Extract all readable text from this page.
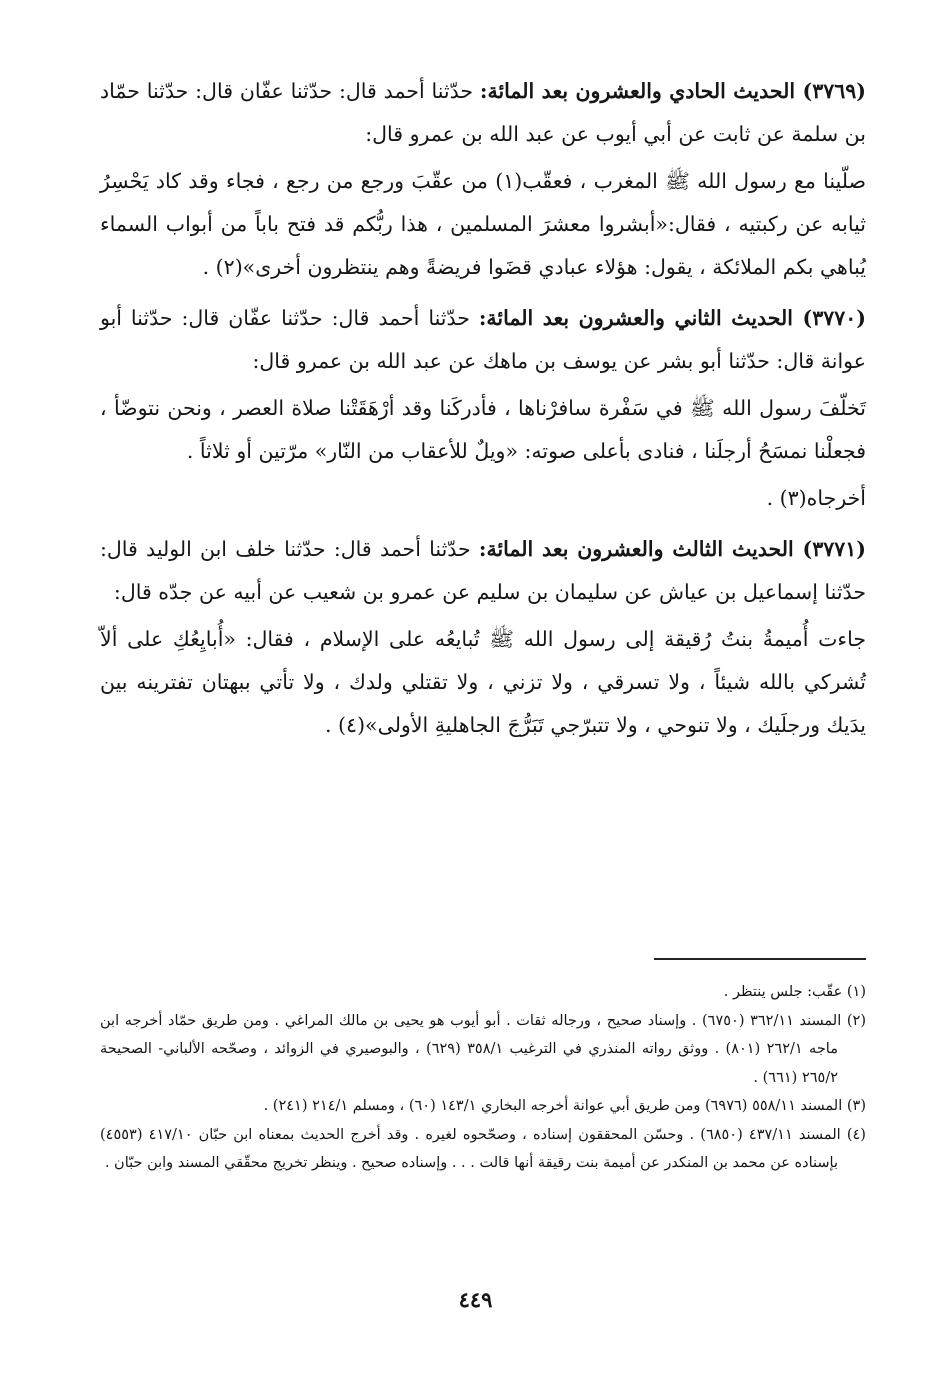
(٣٧٦٩) الحديث الحادي والعشرون بعد المائة: حدّثنا أحمد قال: حدّثنا عفّان قال: حدّثنا حمّاد بن سلمة عن ثابت عن أبي أيوب عن عبد الله بن عمرو قال:

صلّينا مع رسول الله ﷺ المغرب ، فعقّب(١) من عقّبَ ورجع من رجع ، فجاء وقد كاد يَحْسِرُ ثيابه عن ركبتيه ، فقال:«أبشروا معشرَ المسلمين ، هذا ربُّكم قد فتح باباً من أبواب السماء يُباهي بكم الملائكة ، يقول: هؤلاء عبادي قضَوا فريضةً وهم ينتظرون أخرى»(٢) .

(٣٧٧٠) الحديث الثاني والعشرون بعد المائة: حدّثنا أحمد قال: حدّثنا عفّان قال: حدّثنا أبو عوانة قال: حدّثنا أبو بشر عن يوسف بن ماهك عن عبد الله بن عمرو قال:

تَخلّفَ رسول الله ﷺ في سَفْرة سافرْناها ، فأدركَنا وقد أرْهَقَتْنا صلاة العصر ، ونحن نتوضّأ ، فجعلْنا نمسَحُ أرجلَنا ، فنادى بأعلى صوته: «ويلٌ للأعقاب من النّار» مرّتين أو ثلاثاً .

أخرجاه(٣) .

(٣٧٧١) الحديث الثالث والعشرون بعد المائة: حدّثنا أحمد قال: حدّثنا خلف ابن الوليد قال: حدّثنا إسماعيل بن عياش عن سليمان بن سليم عن عمرو بن شعيب عن أبيه عن جدّه قال:

جاءت أُميمةُ بنتُ رُقيقة إلى رسول الله ﷺ تُبايعُه على الإسلام ، فقال: «أُبايِعُكِ على ألاّ تُشركي بالله شيئاً ، ولا تسرقي ، ولا تزني ، ولا تقتلي ولدك ، ولا تأتي ببهتان تفترينه بين يدَيك ورجلَيك ، ولا تنوحي ، ولا تتبرّجي تَبَرُّجَ الجاهليةِ الأولى»(٤) .

(١) عقّب: جلس ينتظر .

(٢) المسند ٣٦٢/١١ (٦٧٥٠) . وإسناد صحيح ، ورجاله ثقات . أبو أيوب هو يحيى بن مالك المراغي . ومن طريق حمّاد أخرجه ابن ماجه ٢٦٢/١ (٨٠١) . ووثق رواته المنذري في الترغيب ٣٥٨/١ (٦٢٩) ، والبوصيري في الزوائد ، وصحّحه الألباني- الصحيحة ٢٦٥/٢ (٦٦١) .

(٣) المسند ٥٥٨/١١ (٦٩٧٦) ومن طريق أبي عوانة أخرجه البخاري ١٤٣/١ (٦٠) ، ومسلم ٢١٤/١ (٢٤١) .

(٤) المسند ٤٣٧/١١ (٦٨٥٠) . وحسّن المحققون إسناده ، وصحّحوه لغيره . وقد أخرج الحديث بمعناه ابن حبّان ٤١٧/١٠ (٤٥٥٣) بإسناده عن محمد بن المنكدر عن أميمة بنت رقيقة أنها قالت . . . وإسناده صحيح . وينظر تخريج محقّقي المسند وابن حبّان .

٤٤٩
